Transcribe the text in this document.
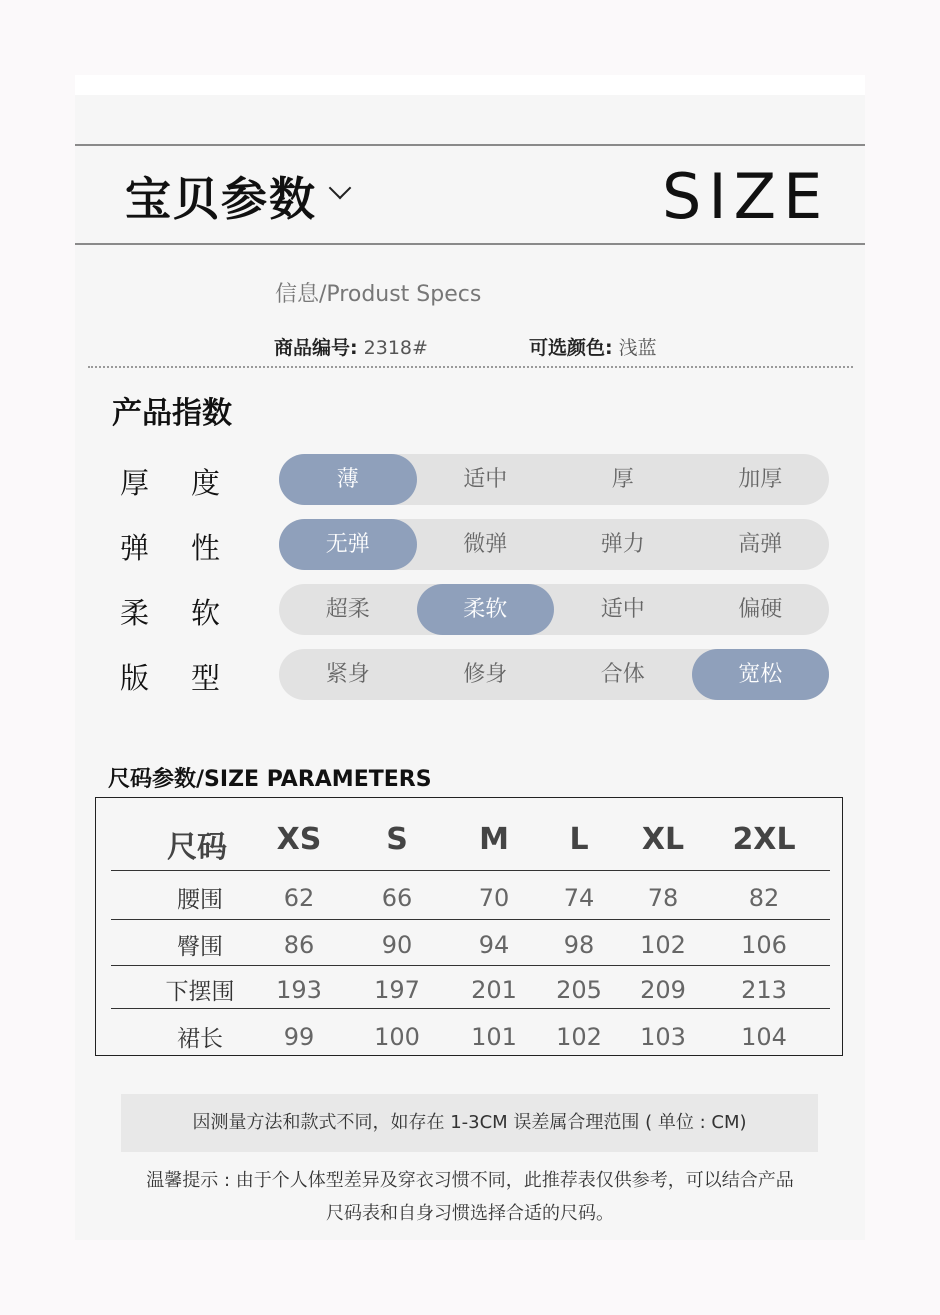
宝贝参数	SIZE
信息/Produst Specs
商品编号: 2318#	可选颜色: 浅蓝
产品指数
厚 度	薄	适中	厚	加厚
弹 性	无弹	微弹	弹力	高弹
柔 软	超柔	柔软	适中	偏硬
版 型	紧身	修身	合体	宽松
尺码参数/SIZE PARAMETERS
尺码 XS S M L XL 2XL
腰围	62	66	70 74 78	82
臀围	86	90	94 98 102 106
下摆围 193 197 201 205 209 213
裙长	99 100 101 102 103 104
因测量方法和款式不同，如存在 1-3CM 误差属合理范围 ( 单位 : CM)
温馨提示 : 由于个人体型差异及穿衣习惯不同，此推荐表仅供参考，可以结合产品
尺码表和自身习惯选择合适的尺码。
